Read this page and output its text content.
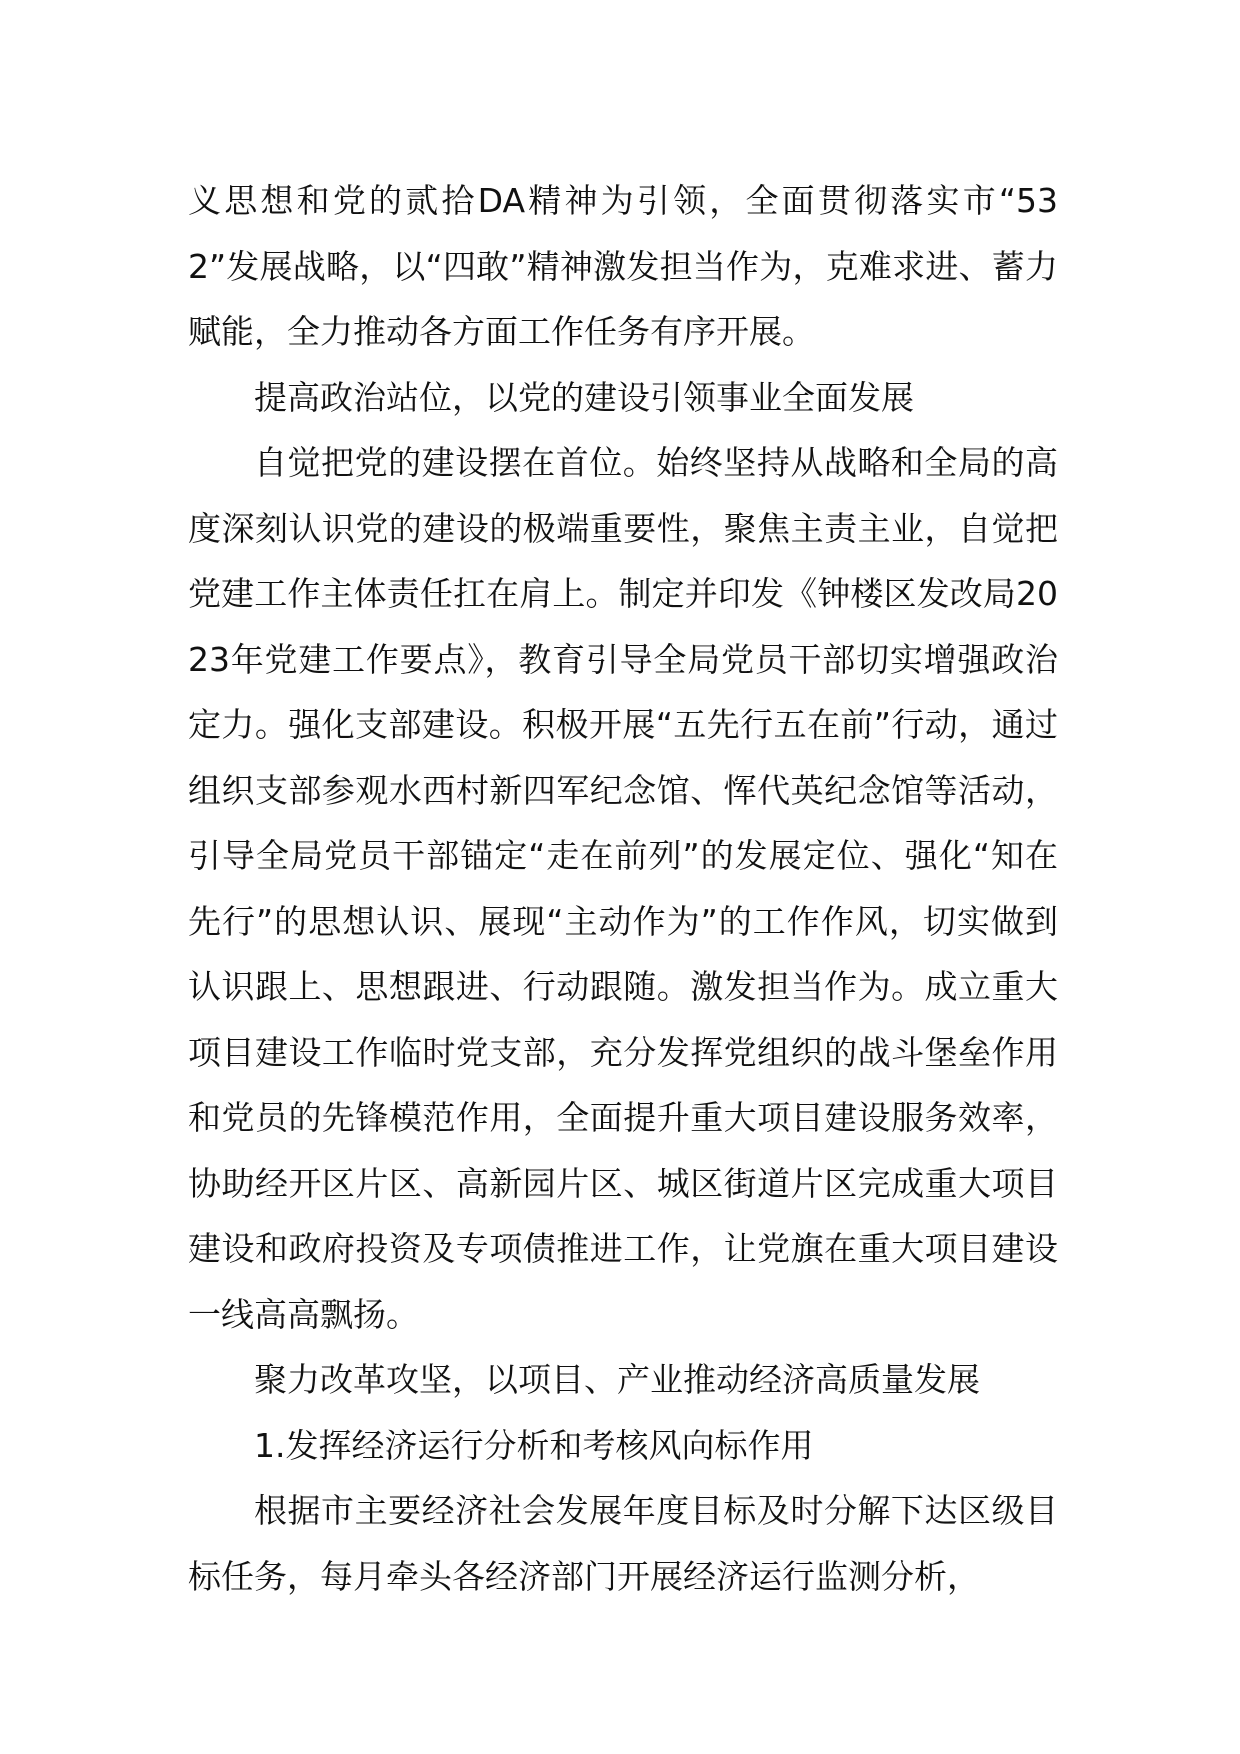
义思想和党的贰拾DA精神为引领，全面贯彻落实市“532”发展战略，以“四敢”精神激发担当作为，克难求进、蓄力赋能，全力推动各方面工作任务有序开展。

提高政治站位，以党的建设引领事业全面发展

自觉把党的建设摆在首位。始终坚持从战略和全局的高度深刻认识党的建设的极端重要性，聚焦主责主业，自觉把党建工作主体责任扛在肩上。制定并印发《钟楼区发改局2023年党建工作要点》，教育引导全局党员干部切实增强政治定力。强化支部建设。积极开展“五先行五在前”行动，通过组织支部参观水西村新四军纪念馆、恽代英纪念馆等活动，引导全局党员干部锚定“走在前列”的发展定位、强化“知在先行”的思想认识、展现“主动作为”的工作作风，切实做到认识跟上、思想跟进、行动跟随。激发担当作为。成立重大项目建设工作临时党支部，充分发挥党组织的战斗堡垒作用和党员的先锋模范作用，全面提升重大项目建设服务效率，协助经开区片区、高新园片区、城区街道片区完成重大项目建设和政府投资及专项债推进工作，让党旗在重大项目建设一线高高飘扬。

聚力改革攻坚，以项目、产业推动经济高质量发展

1.发挥经济运行分析和考核风向标作用

根据市主要经济社会发展年度目标及时分解下达区级目标任务，每月牵头各经济部门开展经济运行监测分析，
